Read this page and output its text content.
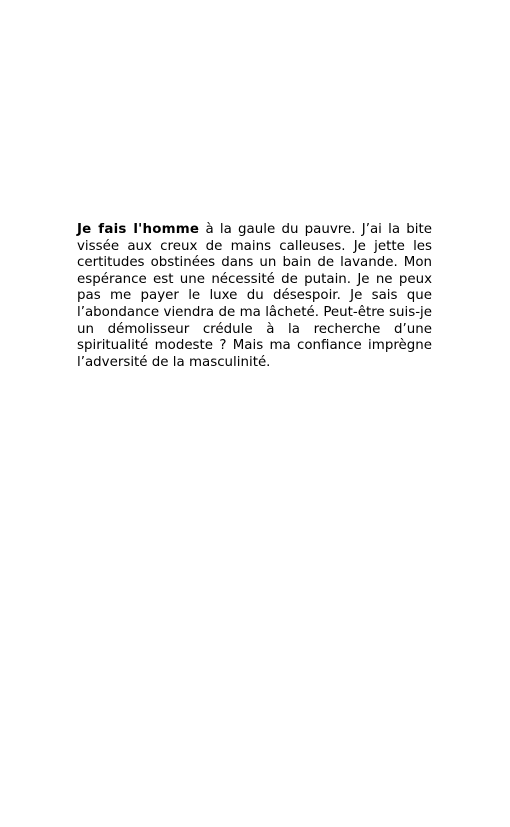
Je fais l'homme à la gaule du pauvre. J’ai la bite vissée aux creux de mains calleuses. Je jette les certitudes obstinées dans un bain de lavande. Mon espérance est une nécessité de putain. Je ne peux pas me payer le luxe du désespoir. Je sais que l’abondance viendra de ma lâcheté. Peut-être suis-je un démolisseur crédule à la recherche d’une spiritualité modeste ? Mais ma confiance imprègne l’adversité de la masculinité.
